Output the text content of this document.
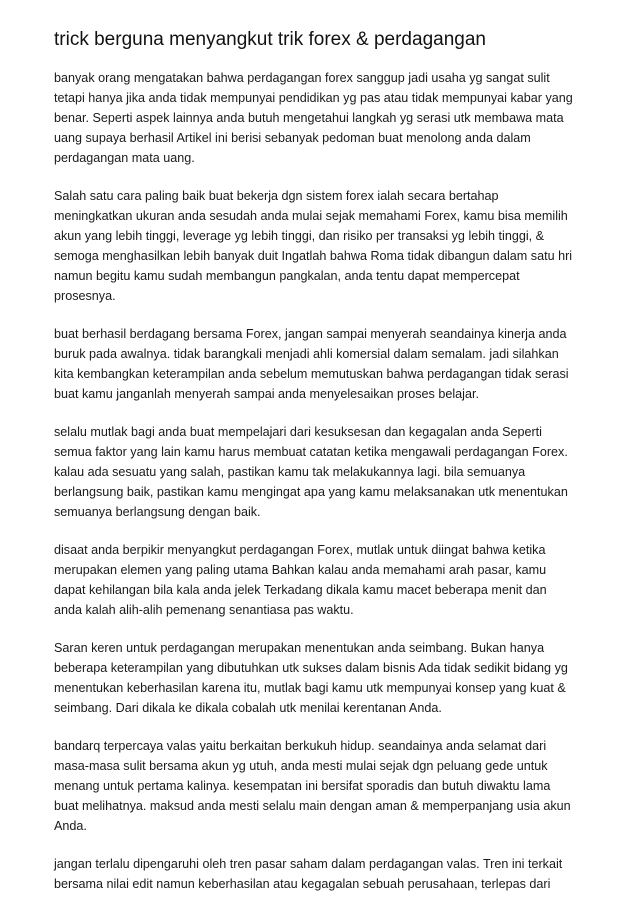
trick berguna menyangkut trik forex & perdagangan
banyak orang mengatakan bahwa perdagangan forex sanggup jadi usaha yg sangat sulit
tetapi hanya jika anda tidak mempunyai pendidikan yg pas atau tidak mempunyai kabar yang
benar. Seperti aspek lainnya anda butuh mengetahui langkah yg serasi utk membawa mata
uang supaya berhasil Artikel ini berisi sebanyak pedoman buat menolong anda dalam
perdagangan mata uang.
Salah satu cara paling baik buat bekerja dgn sistem forex ialah secara bertahap
meningkatkan ukuran anda sesudah anda mulai sejak memahami Forex, kamu bisa memilih
akun yang lebih tinggi, leverage yg lebih tinggi, dan risiko per transaksi yg lebih tinggi, &
semoga menghasilkan lebih banyak duit Ingatlah bahwa Roma tidak dibangun dalam satu hri
namun begitu kamu sudah membangun pangkalan, anda tentu dapat mempercepat
prosesnya.
buat berhasil berdagang bersama Forex, jangan sampai menyerah seandainya kinerja anda
buruk pada awalnya. tidak barangkali menjadi ahli komersial dalam semalam. jadi silahkan
kita kembangkan keterampilan anda sebelum memutuskan bahwa perdagangan tidak serasi
buat kamu janganlah menyerah sampai anda menyelesaikan proses belajar.
selalu mutlak bagi anda buat mempelajari dari kesuksesan dan kegagalan anda Seperti
semua faktor yang lain kamu harus membuat catatan ketika mengawali perdagangan Forex.
kalau ada sesuatu yang salah, pastikan kamu tak melakukannya lagi. bila semuanya
berlangsung baik, pastikan kamu mengingat apa yang kamu melaksanakan utk menentukan
semuanya berlangsung dengan baik.
disaat anda berpikir menyangkut perdagangan Forex, mutlak untuk diingat bahwa ketika
merupakan elemen yang paling utama Bahkan kalau anda memahami arah pasar, kamu
dapat kehilangan bila kala anda jelek Terkadang dikala kamu macet beberapa menit dan
anda kalah alih-alih pemenang senantiasa pas waktu.
Saran keren untuk perdagangan merupakan menentukan anda seimbang. Bukan hanya
beberapa keterampilan yang dibutuhkan utk sukses dalam bisnis Ada tidak sedikit bidang yg
menentukan keberhasilan karena itu, mutlak bagi kamu utk mempunyai konsep yang kuat &
seimbang. Dari dikala ke dikala cobalah utk menilai kerentanan Anda.
bandarq terpercaya valas yaitu berkaitan berkukuh hidup. seandainya anda selamat dari
masa-masa sulit bersama akun yg utuh, anda mesti mulai sejak dgn peluang gede untuk
menang untuk pertama kalinya. kesempatan ini bersifat sporadis dan butuh diwaktu lama
buat melihatnya. maksud anda mesti selalu main dengan aman & memperpanjang usia akun
Anda.
jangan terlalu dipengaruhi oleh tren pasar saham dalam perdagangan valas. Tren ini terkait
bersama nilai edit namun keberhasilan atau kegagalan sebuah perusahaan, terlepas dari
